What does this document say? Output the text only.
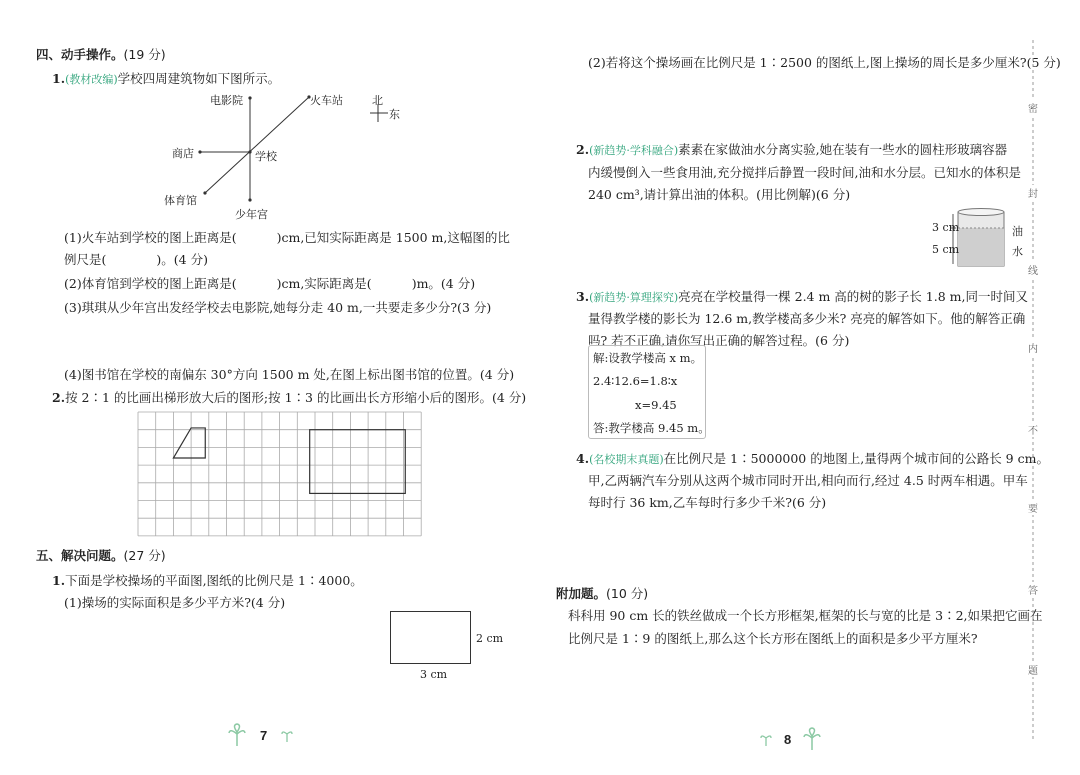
四、动手操作。(19 分)
1.(教材改编)学校四周建筑物如下图所示。
电影院	火车站	北
东
商店	学校
体育馆
少年宫
(1)火车站到学校的图上距离是(	)cm,已知实际距离是 1500 m,这幅图的比
例尺是(	)。(4 分)
(2)体育馆到学校的图上距离是(	)cm,实际距离是(	)m。(4 分)
(3)琪琪从少年宫出发经学校去电影院,她每分走 40 m,一共要走多少分?(3 分)
(4)图书馆在学校的南偏东 30°方向 1500 m 处,在图上标出图书馆的位置。(4 分)
2.按 2∶1 的比画出梯形放大后的图形;按 1∶3 的比画出长方形缩小后的图形。(4 分)
五、解决问题。(27 分)
1.下面是学校操场的平面图,图纸的比例尺是 1∶4000。
(1)操场的实际面积是多少平方米?(4 分)
2 cm
3 cm
7
(2)若将这个操场画在比例尺是 1∶2500 的图纸上,图上操场的周长是多少厘米?(5 分)
2.(新趋势·学科融合)素素在家做油水分离实验,她在装有一些水的圆柱形玻璃容器
内缓慢倒入一些食用油,充分搅拌后静置一段时间,油和水分层。已知水的体积是
240 cm³,请计算出油的体积。(用比例解)(6 分)
3 cm
5 cm
油
水
3.(新趋势·算理探究)亮亮在学校量得一棵 2.4 m 高的树的影子长 1.8 m,同一时间又
量得教学楼的影长为 12.6 m,教学楼高多少米? 亮亮的解答如下。他的解答正确
吗? 若不正确,请你写出正确的解答过程。(6 分)
解:设教学楼高 x m。
2.4∶12.6=1.8∶x
x=9.45
答:教学楼高 9.45 m。
4.(名校期末真题)在比例尺是 1∶5000000 的地图上,量得两个城市间的公路长 9 cm。
甲,乙两辆汽车分别从这两个城市同时开出,相向而行,经过 4.5 时两车相遇。甲车
每时行 36 km,乙车每时行多少千米?(6 分)
附加题。(10 分)
科科用 90 cm 长的铁丝做成一个长方形框架,框架的长与宽的比是 3∶2,如果把它画在
比例尺是 1∶9 的图纸上,那么这个长方形在图纸上的面积是多少平方厘米?
密
封
线
内
不
要
答
题
8
